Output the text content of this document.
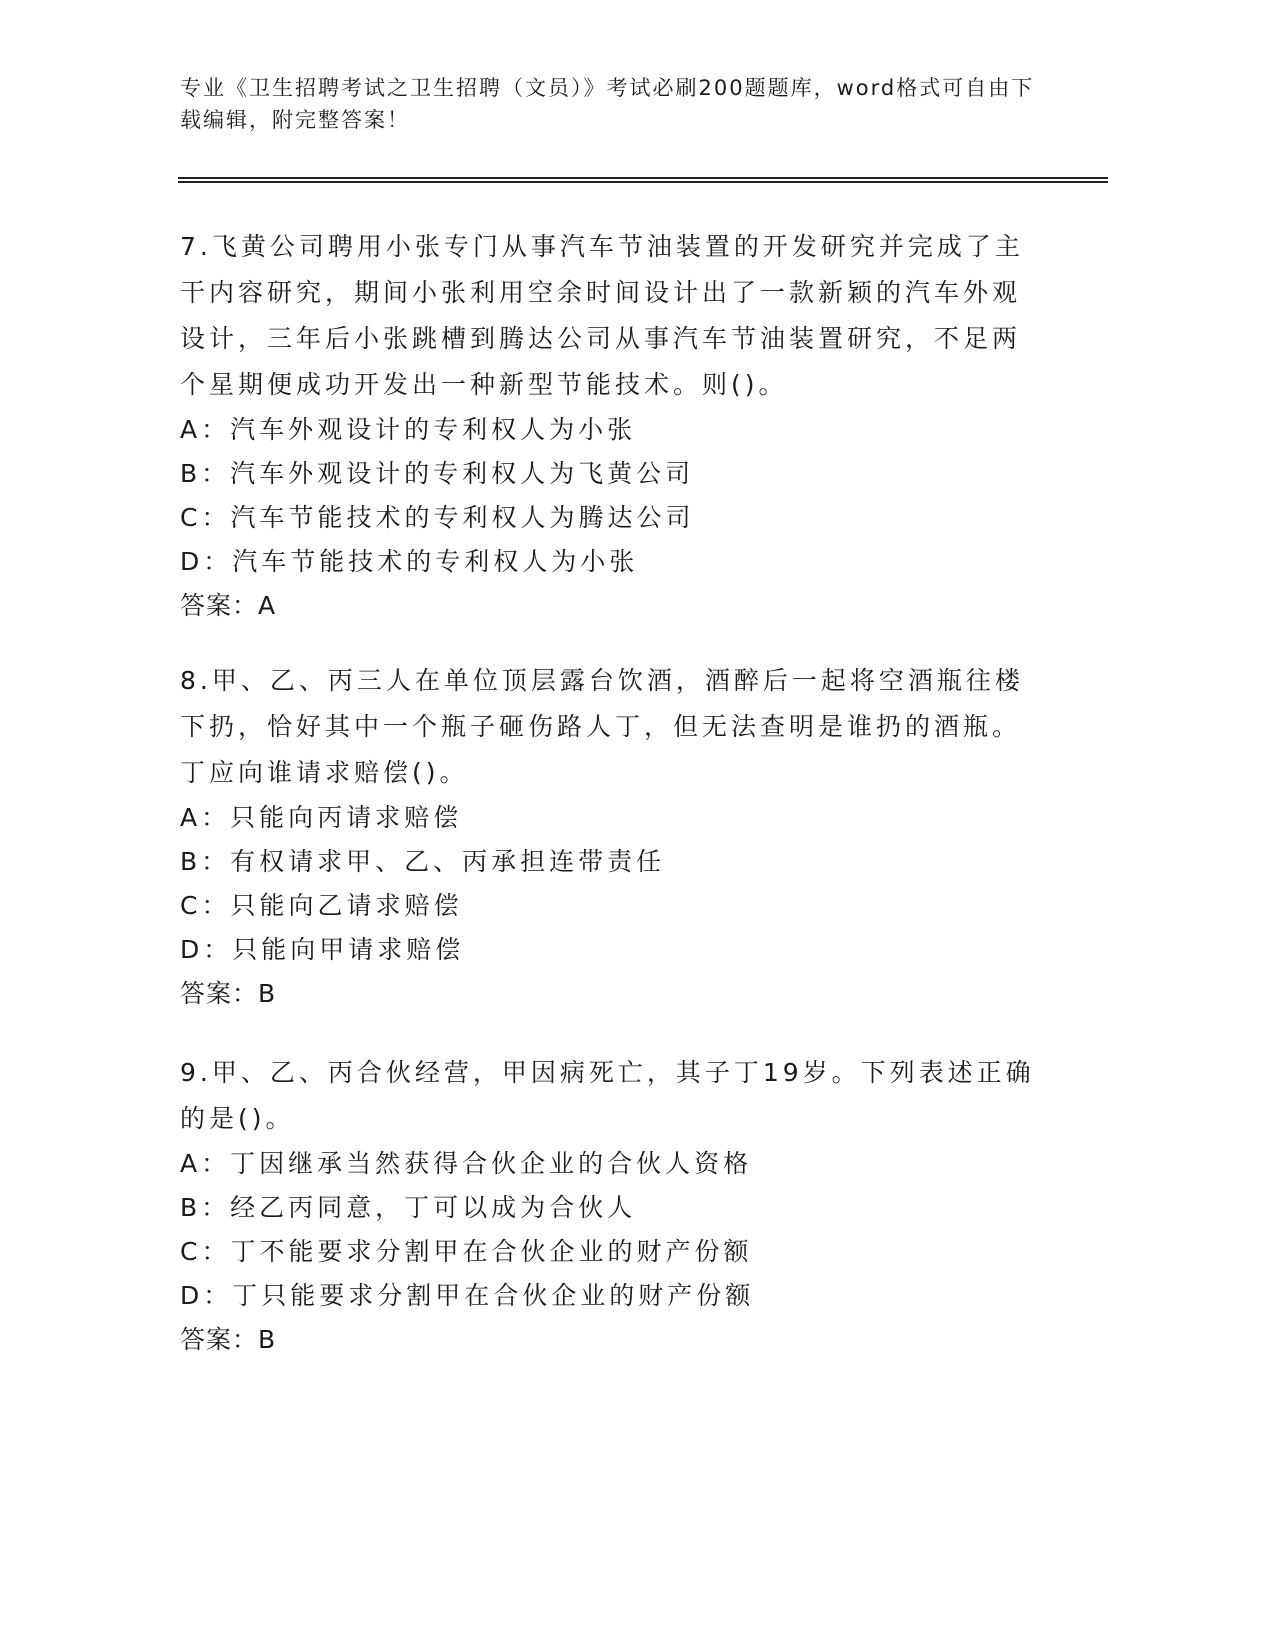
专业《卫生招聘考试之卫生招聘（文员）》考试必刷200题题库，word格式可自由下载编辑，附完整答案！

7.飞黄公司聘用小张专门从事汽车节油装置的开发研究并完成了主干内容研究，期间小张利用空余时间设计出了一款新颖的汽车外观设计，三年后小张跳槽到腾达公司从事汽车节油装置研究，不足两个星期便成功开发出一种新型节能技术。则()。

A：汽车外观设计的专利权人为小张

B：汽车外观设计的专利权人为飞黄公司

C：汽车节能技术的专利权人为腾达公司

D：汽车节能技术的专利权人为小张

答案：A

8.甲、乙、丙三人在单位顶层露台饮酒，酒醉后一起将空酒瓶往楼下扔，恰好其中一个瓶子砸伤路人丁，但无法查明是谁扔的酒瓶。丁应向谁请求赔偿()。

A：只能向丙请求赔偿

B：有权请求甲、乙、丙承担连带责任

C：只能向乙请求赔偿

D：只能向甲请求赔偿

答案：B

9.甲、乙、丙合伙经营，甲因病死亡，其子丁19岁。下列表述正确的是()。

A：丁因继承当然获得合伙企业的合伙人资格

B：经乙丙同意，丁可以成为合伙人

C：丁不能要求分割甲在合伙企业的财产份额

D：丁只能要求分割甲在合伙企业的财产份额

答案：B
